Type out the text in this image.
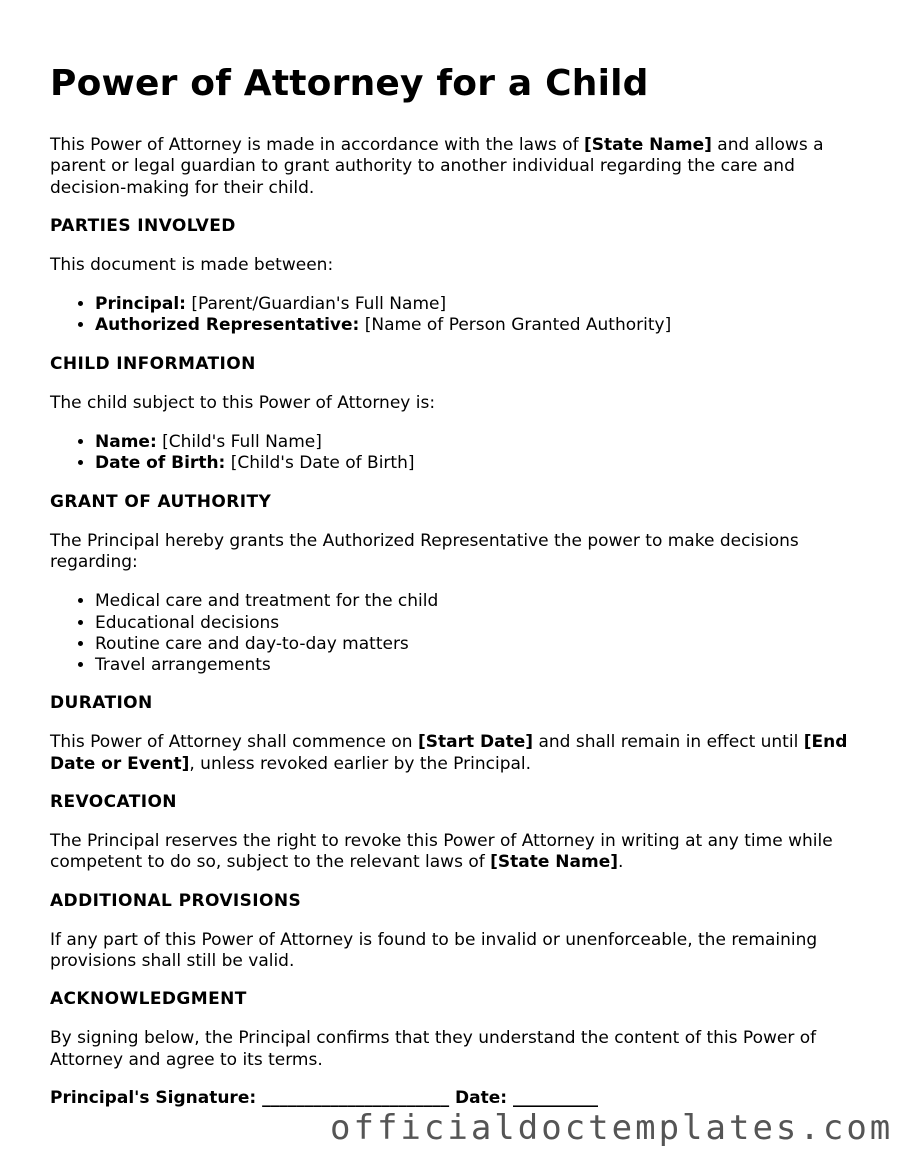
Power of Attorney for a Child

This Power of Attorney is made in accordance with the laws of [State Name] and allows a parent or legal guardian to grant authority to another individual regarding the care and decision-making for their child.

PARTIES INVOLVED

This document is made between:

• Principal: [Parent/Guardian's Full Name]
• Authorized Representative: [Name of Person Granted Authority]
CHILD INFORMATION

The child subject to this Power of Attorney is:

• Name: [Child's Full Name]
• Date of Birth: [Child's Date of Birth]
GRANT OF AUTHORITY

The Principal hereby grants the Authorized Representative the power to make decisions regarding:

• Medical care and treatment for the child
• Educational decisions
• Routine care and day-to-day matters
• Travel arrangements
DURATION

This Power of Attorney shall commence on [Start Date] and shall remain in effect until [End Date or Event], unless revoked earlier by the Principal.

REVOCATION

The Principal reserves the right to revoke this Power of Attorney in writing at any time while competent to do so, subject to the relevant laws of [State Name].

ADDITIONAL PROVISIONS

If any part of this Power of Attorney is found to be invalid or unenforceable, the remaining provisions shall still be valid.

ACKNOWLEDGMENT

By signing below, the Principal confirms that they understand the content of this Power of Attorney and agree to its terms.

Principal's Signature: ______________________ Date: __________
officialdoctemplates.com
